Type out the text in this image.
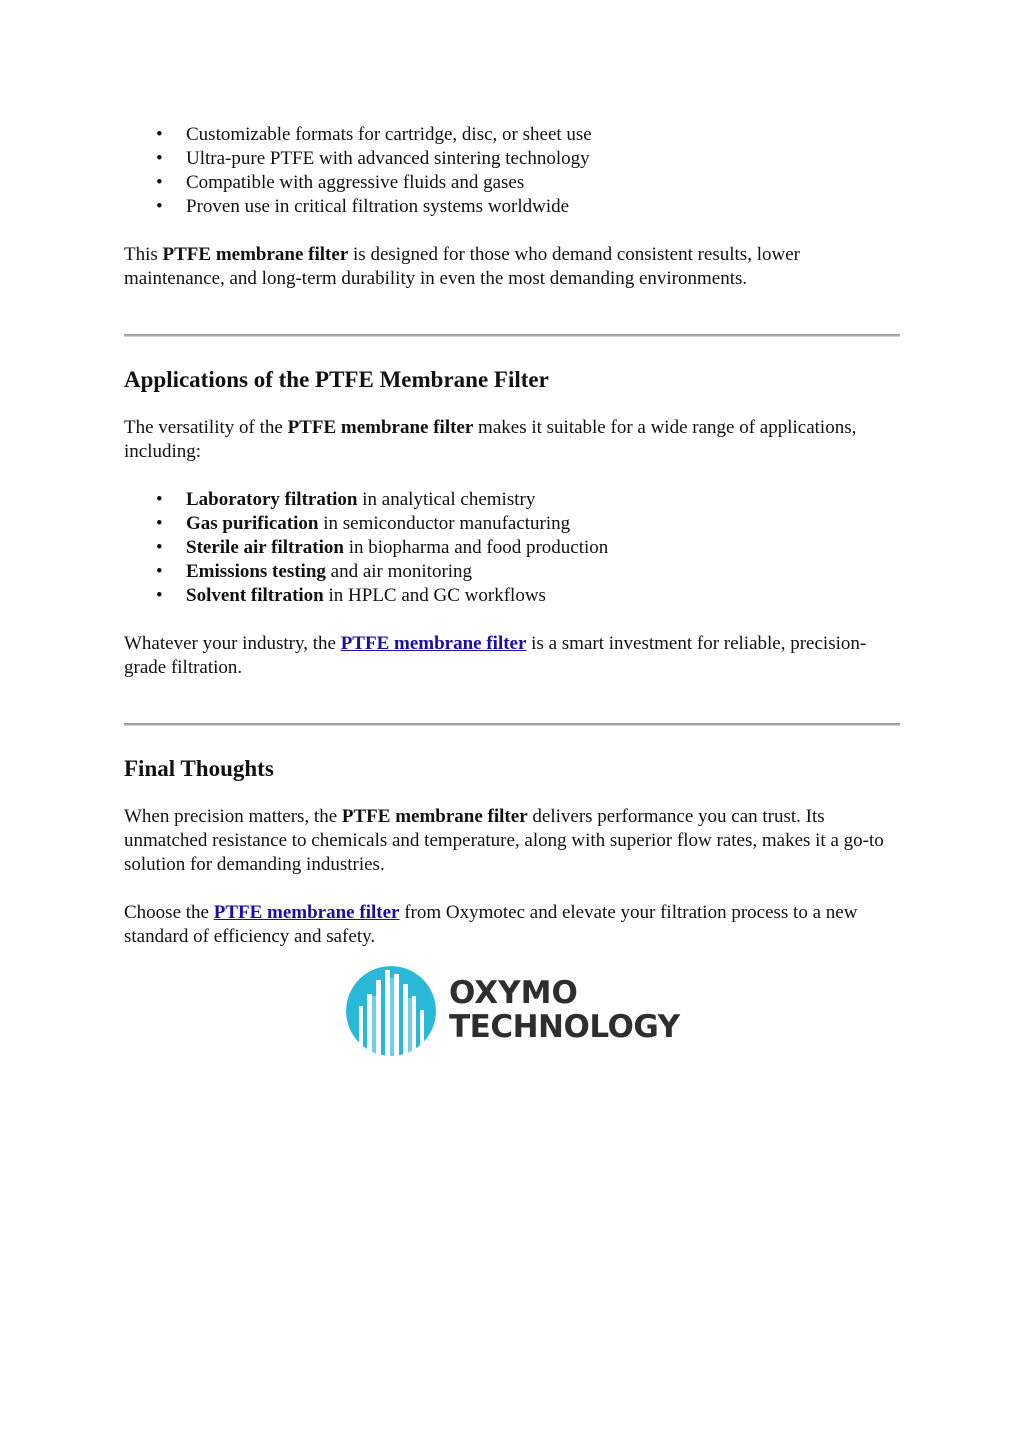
• Customizable formats for cartridge, disc, or sheet use
• Ultra-pure PTFE with advanced sintering technology
• Compatible with aggressive fluids and gases
• Proven use in critical filtration systems worldwide

This PTFE membrane filter is designed for those who demand consistent results, lower maintenance, and long-term durability in even the most demanding environments.

Applications of the PTFE Membrane Filter

The versatility of the PTFE membrane filter makes it suitable for a wide range of applications, including:

• Laboratory filtration in analytical chemistry
• Gas purification in semiconductor manufacturing
• Sterile air filtration in biopharma and food production
• Emissions testing and air monitoring
• Solvent filtration in HPLC and GC workflows

Whatever your industry, the PTFE membrane filter is a smart investment for reliable, precision-grade filtration.

Final Thoughts

When precision matters, the PTFE membrane filter delivers performance you can trust. Its unmatched resistance to chemicals and temperature, along with superior flow rates, makes it a go-to solution for demanding industries.

Choose the PTFE membrane filter from Oxymotec and elevate your filtration process to a new standard of efficiency and safety.

OXYMO
TECHNOLOGY
